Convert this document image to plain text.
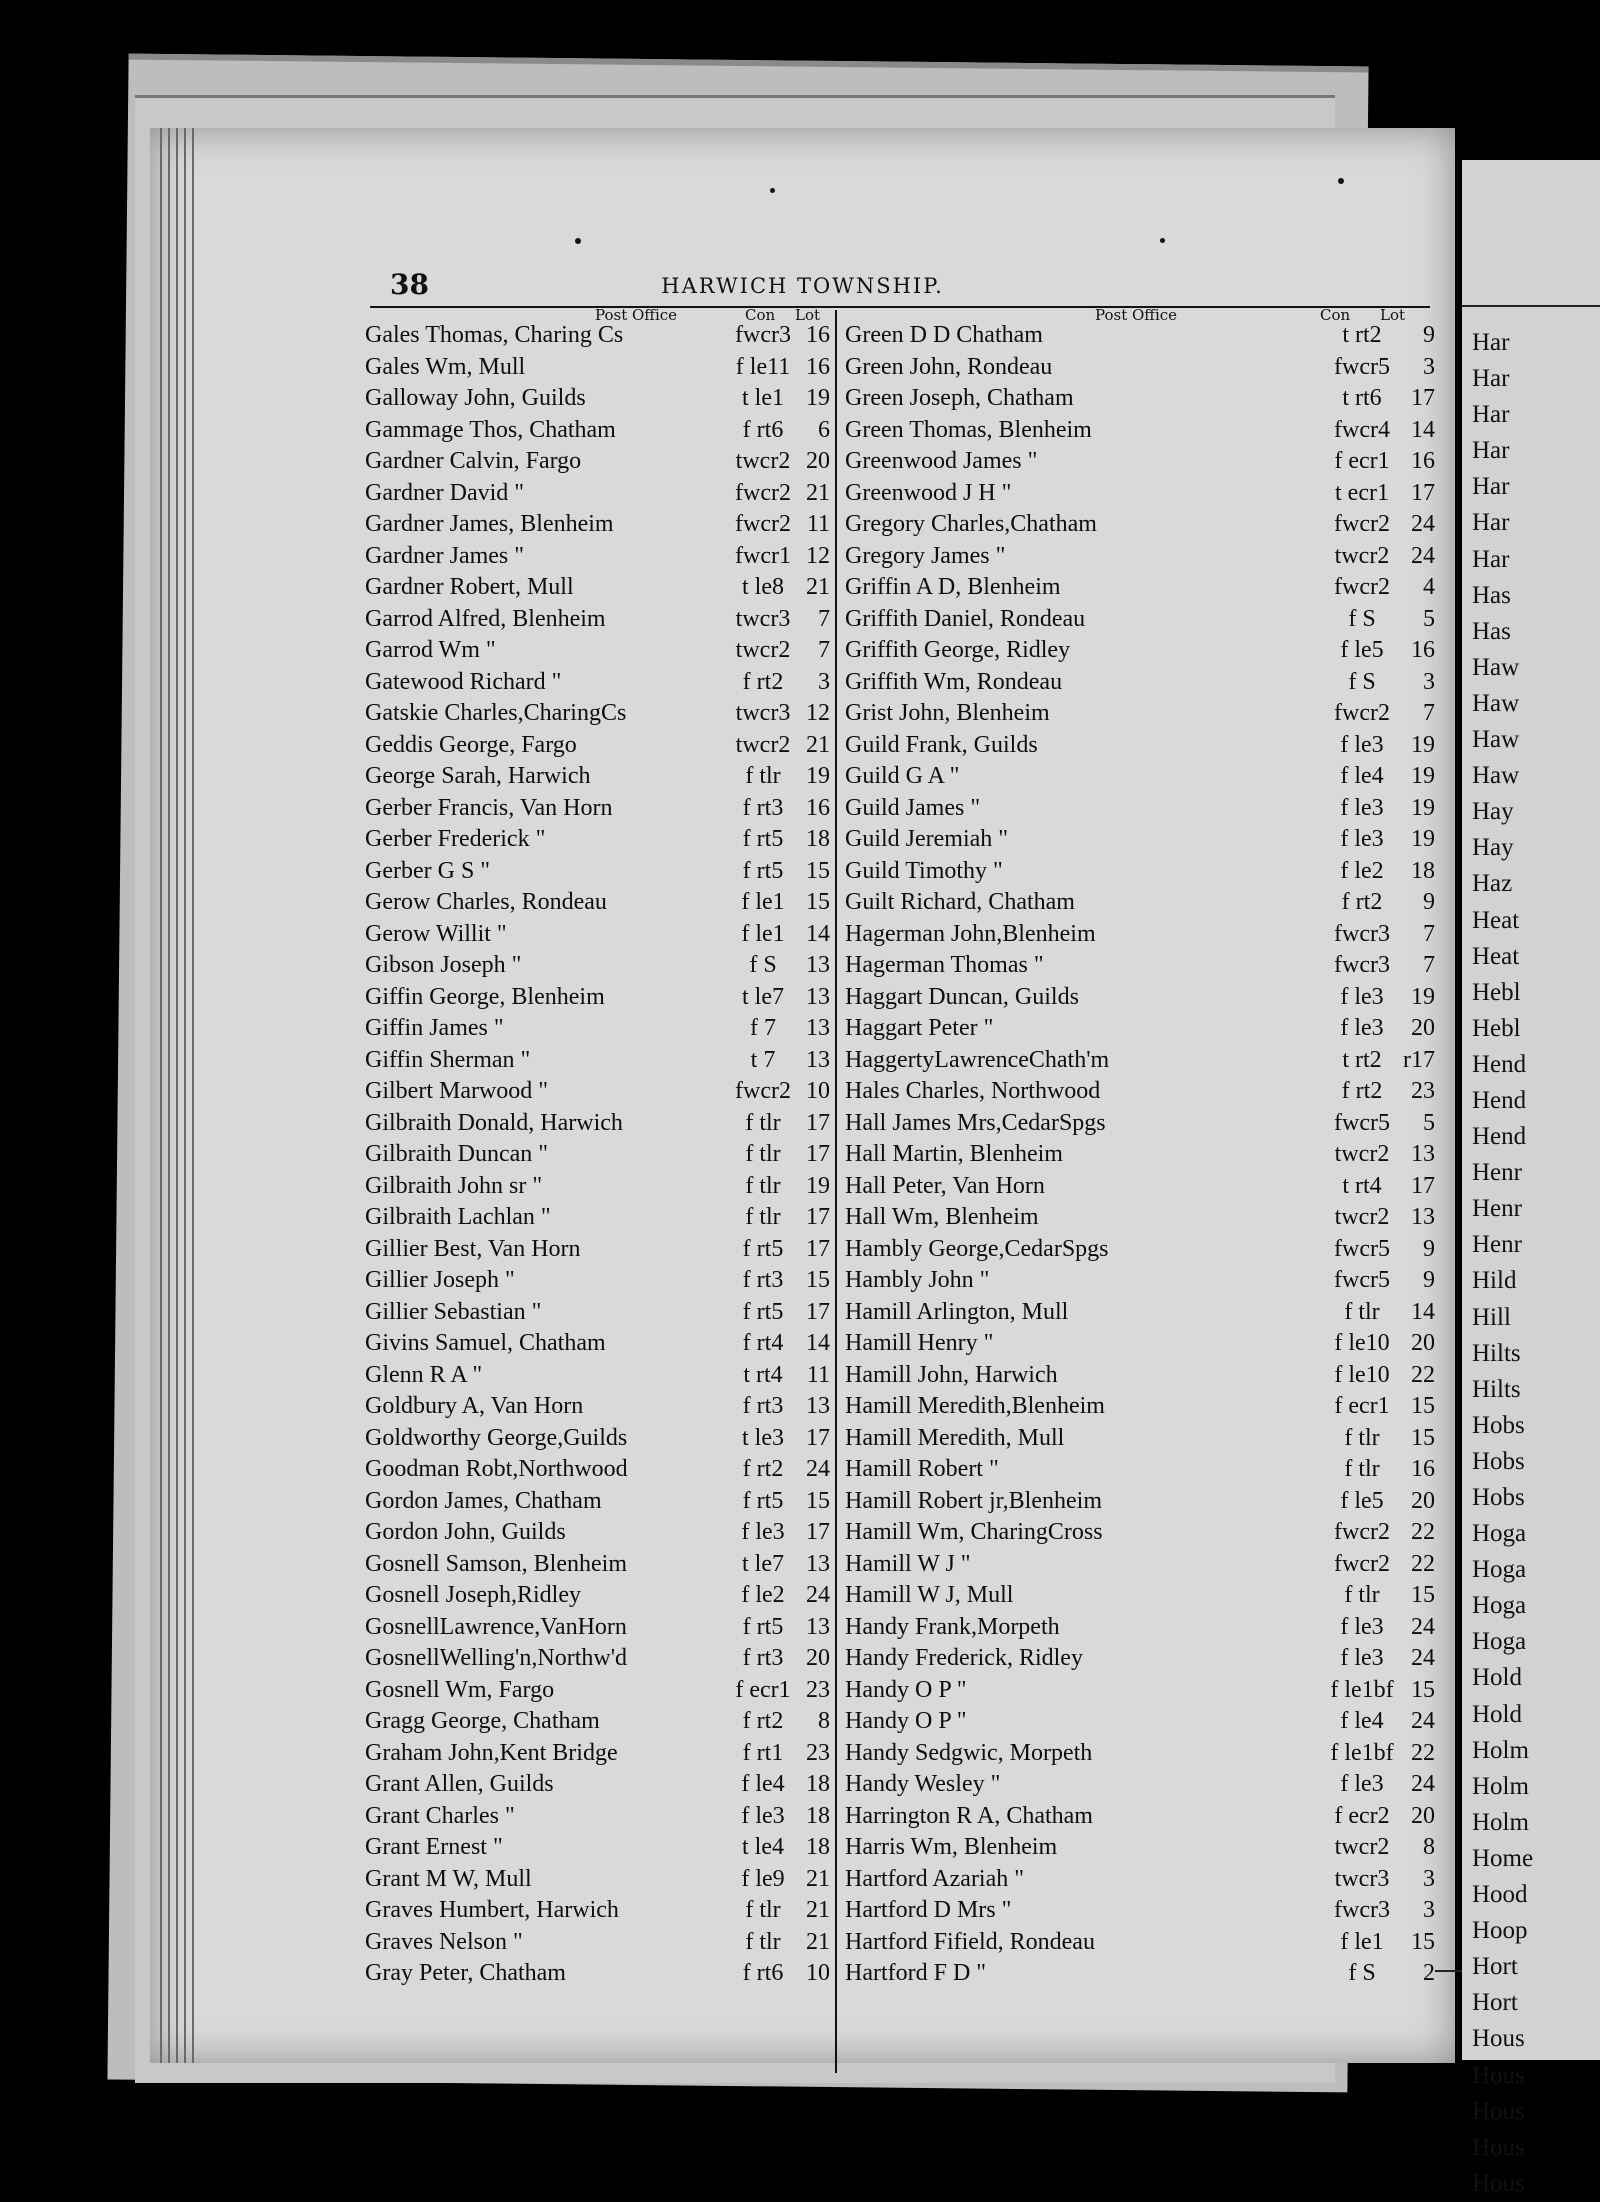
38	HARWICH TOWNSHIP.
Post Office	Con Lot	Post Office	Con Lot
Gales Thomas, Charing Cs	fwcr3 16
Gales Wm, Mull	f le11 16
Galloway John, Guilds	t le1 19
Gammage Thos, Chatham	f rt6	6
Gardner Calvin, Fargo	twcr2 20
Gardner David "	fwcr2 21
Gardner James, Blenheim	fwcr2 11
Gardner James "	fwcr1 12
Gardner Robert, Mull	t le8 21
Garrod Alfred, Blenheim	twcr3	7
Garrod Wm "	twcr2	7
Gatewood Richard "	f rt2	3
Gatskie Charles,CharingCs	twcr3 12
Geddis George, Fargo	twcr2 21
George Sarah, Harwich	f tlr	19
Gerber Francis, Van Horn	f rt3 16
Gerber Frederick "	f rt5 18
Gerber G S "	f rt5 15
Gerow Charles, Rondeau	f le1 15
Gerow Willit "	f le1 14
Gibson Joseph "	f S	13
Giffin George, Blenheim	t le7 13
Giffin James "	f 7	13
Giffin Sherman "	t 7	13
Gilbert Marwood "	fwcr2 10
Gilbraith Donald, Harwich	f tlr	17
Gilbraith Duncan "	f tlr	17
Gilbraith John sr "	f tlr	19
Gilbraith Lachlan "	f tlr	17
Gillier Best, Van Horn	f rt5 17
Gillier Joseph "	f rt3 15
Gillier Sebastian "	f rt5 17
Givins Samuel, Chatham	f rt4 14
Glenn R A "	t rt4	11
Goldbury A, Van Horn	f rt3 13
Goldworthy George,Guilds	t le3 17
Goodman Robt,Northwood	f rt2 24
Gordon James, Chatham	f rt5 15
Gordon John, Guilds	f le3 17
Gosnell Samson, Blenheim	t le7 13
Gosnell Joseph,Ridley	f le2 24
GosnellLawrence,VanHorn	f rt5 13
GosnellWelling'n,Northw'd	f rt3 20
Gosnell Wm, Fargo	f ecr1 23
Gragg George, Chatham	f rt2	8
Graham John,Kent Bridge	f rt1 23
Grant Allen, Guilds	f le4 18
Grant Charles "	f le3 18
Grant Ernest "	t le4 18
Grant M W, Mull	f le9 21
Graves Humbert, Harwich	f tlr	21
Graves Nelson "	f tlr	21
Gray Peter, Chatham	f rt6 10
Green D D Chatham	t rt2	9
Green John, Rondeau	fwcr5	3
Green Joseph, Chatham	t rt6	17
Green Thomas, Blenheim	fwcr4 14
Greenwood James "	f ecr1 16
Greenwood J H "	t ecr1 17
Gregory Charles,Chatham	fwcr2 24
Gregory James "	twcr2 24
Griffin A D, Blenheim	fwcr2	4
Griffith Daniel, Rondeau	f S	5
Griffith George, Ridley	f le5	16
Griffith Wm, Rondeau	f S	3
Grist John, Blenheim	fwcr2	7
Guild Frank, Guilds	f le3	19
Guild G A "	f le4	19
Guild James "	f le3	19
Guild Jeremiah "	f le3	19
Guild Timothy "	f le2	18
Guilt Richard, Chatham	f rt2	9
Hagerman John,Blenheim	fwcr3	7
Hagerman Thomas "	fwcr3	7
Haggart Duncan, Guilds	f le3	19
Haggart Peter "	f le3	20
HaggertyLawrenceChath'm	t rt2 r17
Hales Charles, Northwood	f rt2	23
Hall James Mrs,CedarSpgs	fwcr5	5
Hall Martin, Blenheim	twcr2 13
Hall Peter, Van Horn	t rt4	17
Hall Wm, Blenheim	twcr2 13
Hambly George,CedarSpgs	fwcr5	9
Hambly John "	fwcr5	9
Hamill Arlington, Mull	f tlr	14
Hamill Henry "	f le10 20
Hamill John, Harwich	f le10 22
Hamill Meredith,Blenheim	f ecr1 15
Hamill Meredith, Mull	f tlr	15
Hamill Robert "	f tlr	16
Hamill Robert jr,Blenheim	f le5	20
Hamill Wm, CharingCross	fwcr2 22
Hamill W J "	fwcr2 22
Hamill W J, Mull	f tlr	15
Handy Frank,Morpeth	f le3	24
Handy Frederick, Ridley	f le3	24
Handy O P "	f le1bf 15
Handy O P "	f le4	24
Handy Sedgwic, Morpeth	f le1bf 22
Handy Wesley "	f le3	24
Harrington R A, Chatham	f ecr2 20
Harris Wm, Blenheim	twcr2	8
Hartford Azariah "	twcr3	3
Hartford D Mrs "	fwcr3	3
Hartford Fifield, Rondeau	f le1	15
Hartford F D "	f S	2
Har
Har
Har
Har
Har
Har
Har
Has
Has
Haw
Haw
Haw
Haw
Hay
Hay
Haz
Heat
Heat
Hebl
Hebl
Hend
Hend
Hend
Henr
Henr
Henr
Hild
Hill
Hilts
Hilts
Hobs
Hobs
Hobs
Hoga
Hoga
Hoga
Hoga
Hold
Hold
Holm
Holm
Holm
Home
Hood
Hoop
Hort
Hort
Hous
Hous
Hous
Hous
Hous
